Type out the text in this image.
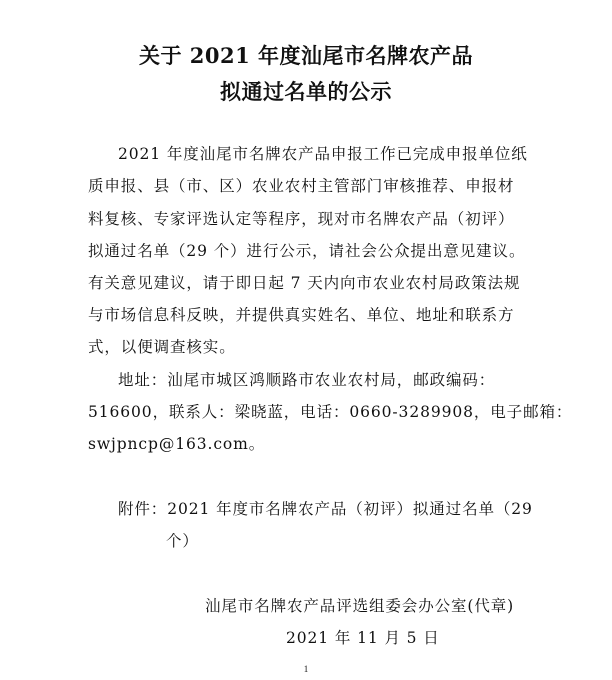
关于 2021 年度汕尾市名牌农产品
拟通过名单的公示
2021 年度汕尾市名牌农产品申报工作已完成申报单位纸
质申报、县（市、区）农业农村主管部门审核推荐、申报材
料复核、专家评选认定等程序，现对市名牌农产品（初评）
拟通过名单（29 个）进行公示，请社会公众提出意见建议。
有关意见建议，请于即日起 7 天内向市农业农村局政策法规
与市场信息科反映，并提供真实姓名、单位、地址和联系方
式，以便调查核实。
地址：汕尾市城区鸿顺路市农业农村局，邮政编码：
516600，联系人：梁晓蓝，电话：0660-3289908，电子邮箱：
swjpncp@163.com。
附件：2021 年度市名牌农产品（初评）拟通过名单（29
个）
汕尾市名牌农产品评选组委会办公室(代章)
2021 年 11 月 5 日
1
